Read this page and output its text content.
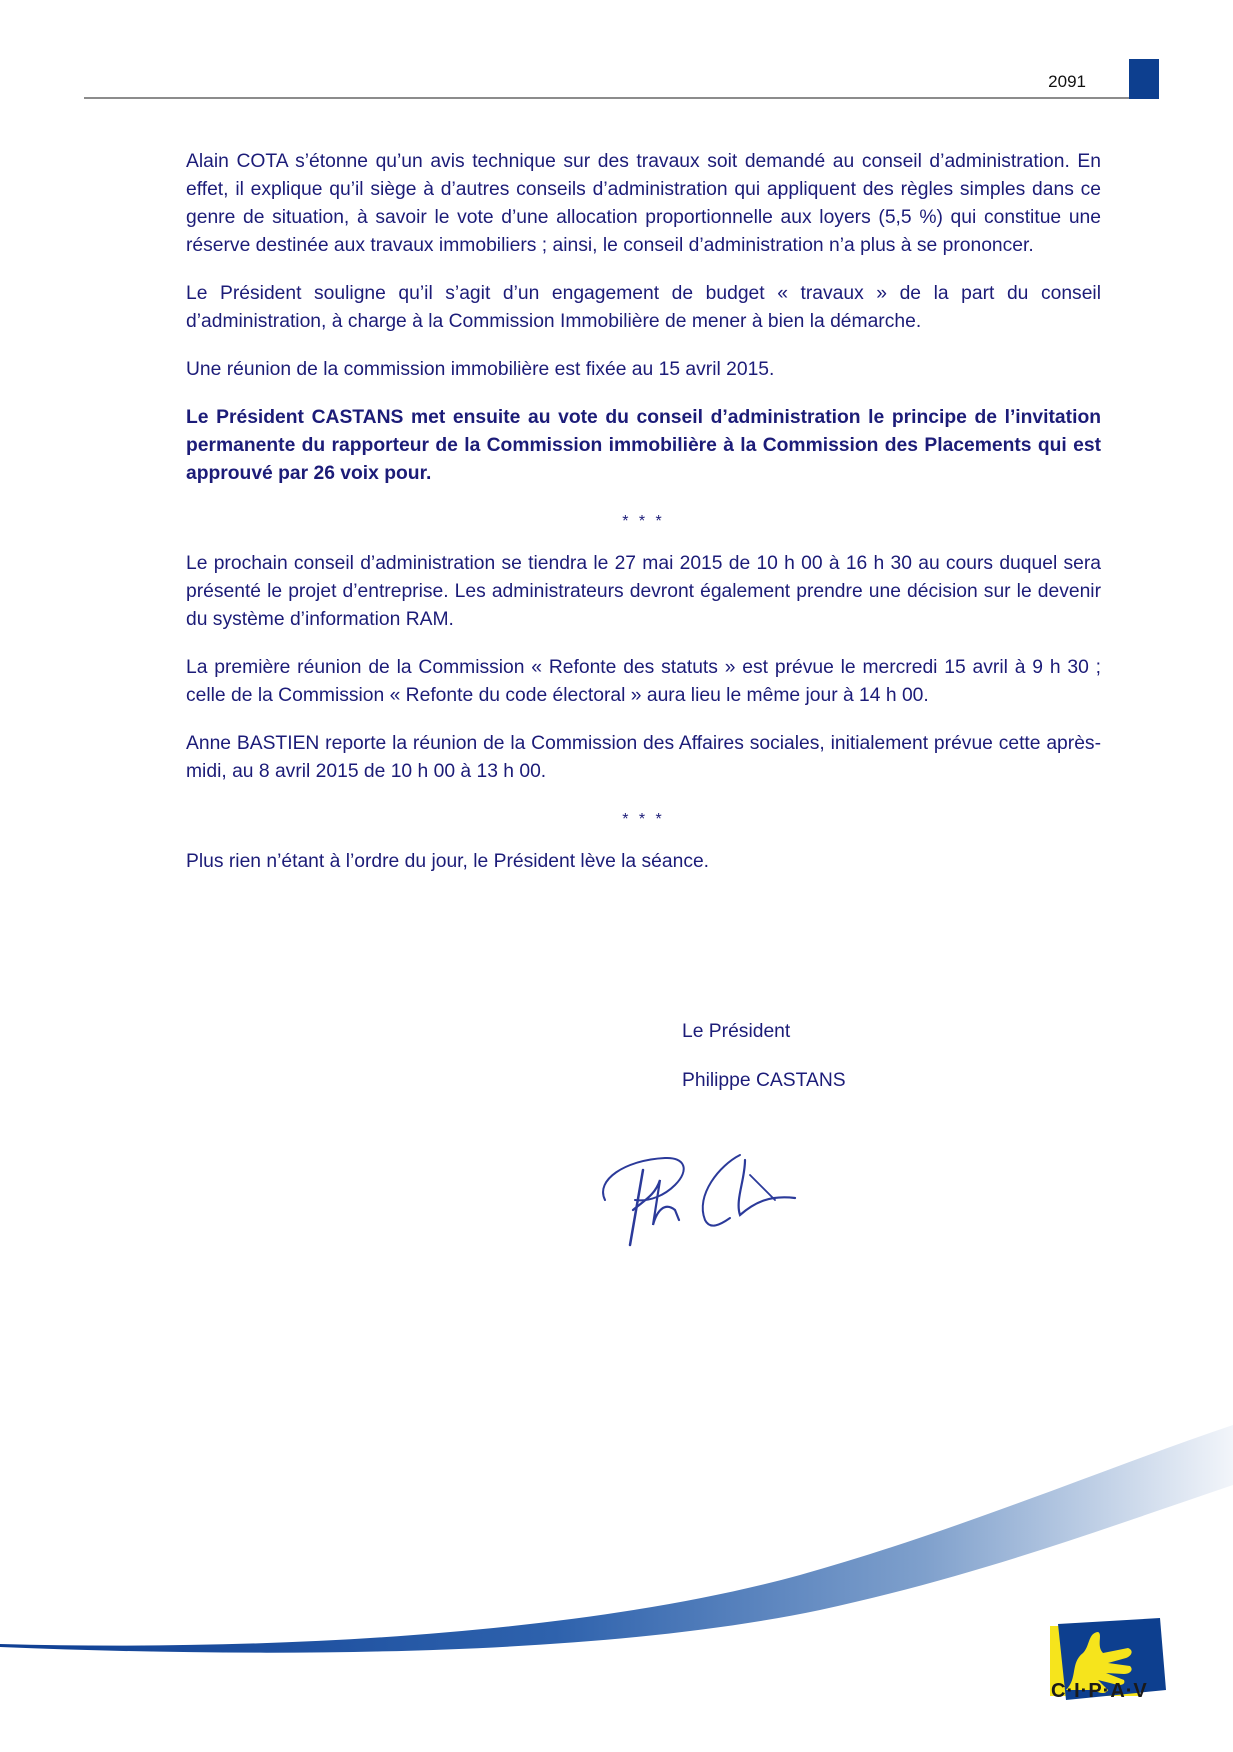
2091

Alain COTA s’étonne qu’un avis technique sur des travaux soit demandé au conseil d’administration. En effet, il explique qu’il siège à d’autres conseils d’administration qui appliquent des règles simples dans ce genre de situation, à savoir le vote d’une allocation proportionnelle aux loyers (5,5 %) qui constitue une réserve destinée aux travaux immobiliers ; ainsi, le conseil d’administration n’a plus à se prononcer.

Le Président souligne qu’il s’agit d’un engagement de budget « travaux » de la part du conseil d’administration, à charge à la Commission Immobilière de mener à bien la démarche.

Une réunion de la commission immobilière est fixée au 15 avril 2015.

Le Président CASTANS met ensuite au vote du conseil d’administration le principe de l’invitation permanente du rapporteur de la Commission immobilière à la Commission des Placements qui est approuvé par 26 voix pour.

* * *

Le prochain conseil d’administration se tiendra le 27 mai 2015 de 10 h 00 à 16 h 30 au cours duquel sera présenté le projet d’entreprise. Les administrateurs devront également prendre une décision sur le devenir du système d’information RAM.

La première réunion de la Commission « Refonte des statuts » est prévue le mercredi 15 avril à 9 h 30 ; celle de la Commission « Refonte du code électoral » aura lieu le même jour à 14 h 00.

Anne BASTIEN reporte la réunion de la Commission des Affaires sociales, initialement prévue cette après-midi, au 8 avril 2015 de 10 h 00 à 13 h 00.

* * *

Plus rien n’étant à l’ordre du jour, le Président lève la séance.

Le Président
Philippe CASTANS
C·I·P·A·V
